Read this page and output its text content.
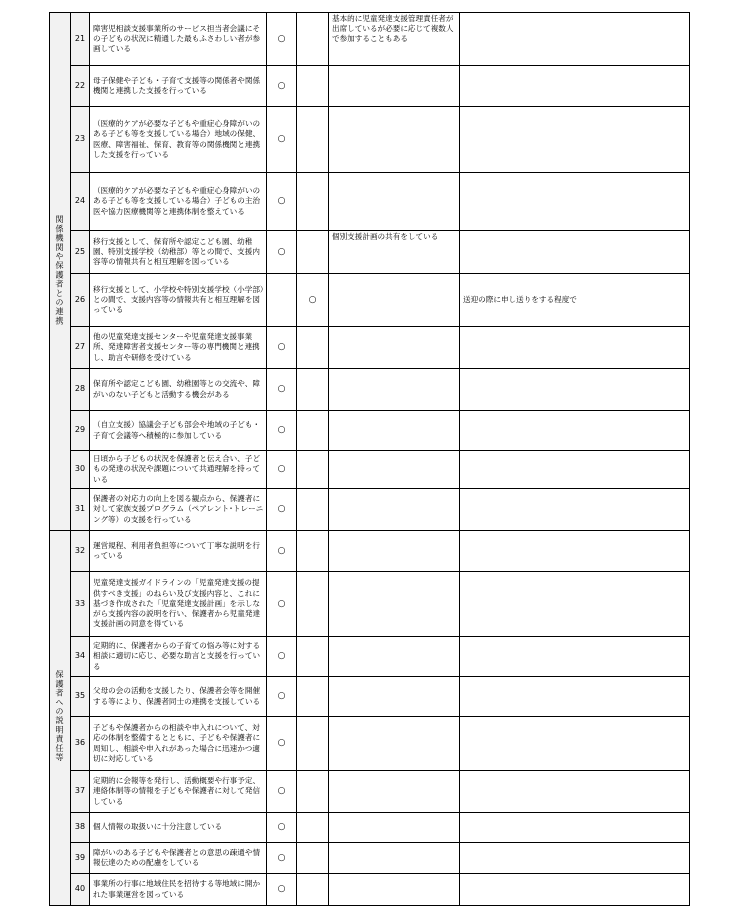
関係機関や保護者との連携	21	障害児相談支援事業所のサービス担当者会議にその子どもの状況に精通した最もふさわしい者が参画している	○		基本的に児童発達支援管理責任者が出席しているが必要に応じて複数人で参加することもある	
	22	母子保健や子ども・子育て支援等の関係者や関係機関と連携した支援を行っている	○			
	23	（医療的ケアが必要な子どもや重症心身障がいのある子ども等を支援している場合）地域の保健、医療、障害福祉、保育、教育等の関係機関と連携した支援を行っている	○			
	24	（医療的ケアが必要な子どもや重症心身障がいのある子ども等を支援している場合）子どもの主治医や協力医療機関等と連携体制を整えている	○			
	25	移行支援として、保育所や認定こども園、幼稚園、特別支援学校（幼稚部）等との間で、支援内容等の情報共有と相互理解を図っている	○		個別支援計画の共有をしている	
	26	移行支援として、小学校や特別支援学校（小学部）との間で、支援内容等の情報共有と相互理解を図っている		○		送迎の際に申し送りをする程度で
	27	他の児童発達支援センターや児童発達支援事業所、発達障害者支援センター等の専門機関と連携し、助言や研修を受けている	○			
	28	保育所や認定こども園、幼稚園等との交流や、障がいのない子どもと活動する機会がある	○			
	29	（自立支援）協議会子ども部会や地域の子ども・子育て会議等へ積極的に参加している	○			
	30	日頃から子どもの状況を保護者と伝え合い、子どもの発達の状況や課題について共通理解を持っている	○			
	31	保護者の対応力の向上を図る観点から、保護者に対して家族支援プログラム（ペアレント･トレーニング等）の支援を行っている	○			
保護者への説明責任等	32	運営規程、利用者負担等について丁寧な説明を行っている	○			
	33	児童発達支援ガイドラインの「児童発達支援の提供すべき支援」のねらい及び支援内容と、これに基づき作成された「児童発達支援計画」を示しながら支援内容の説明を行い、保護者から児童発達支援計画の同意を得ている	○			
	34	定期的に、保護者からの子育ての悩み等に対する相談に適切に応じ、必要な助言と支援を行っている	○			
	35	父母の会の活動を支援したり、保護者会等を開催する等により、保護者同士の連携を支援している	○			
	36	子どもや保護者からの相談や申入れについて、対応の体制を整備するとともに、子どもや保護者に周知し、相談や申入れがあった場合に迅速かつ適切に対応している	○			
	37	定期的に会報等を発行し、活動概要や行事予定、連絡体制等の情報を子どもや保護者に対して発信している	○			
	38	個人情報の取扱いに十分注意している	○			
	39	障がいのある子どもや保護者との意思の疎通や情報伝達のための配慮をしている	○			
	40	事業所の行事に地域住民を招待する等地域に開かれた事業運営を図っている	○			
